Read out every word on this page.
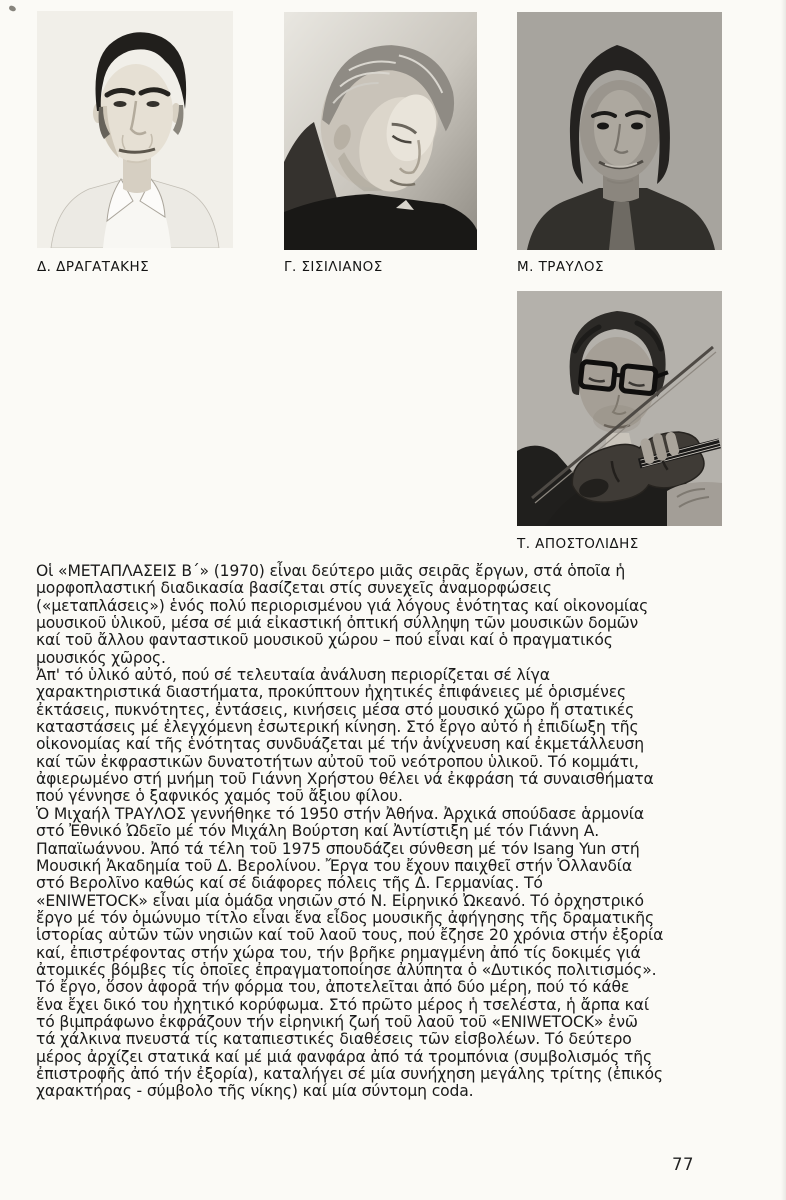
Δ. ΔΡΑΓΑΤΑΚΗΣ	Γ. ΣΙΣΙΛΙΑΝΟΣ	Μ. ΤΡΑΥΛΟΣ
Τ. ΑΠΟΣΤΟΛΙΔΗΣ
Οἱ «ΜΕΤΑΠΛΑΣΕΙΣ Β΄» (1970) εἶναι δεύτερο μιᾶς σειρᾶς ἔργων, στά ὁποῖα ἡ
μορφοπλαστική διαδικασία βασίζεται στίς συνεχεῖς ἀναμορφώσεις
(«μεταπλάσεις») ἑνός πολύ περιορισμένου γιά λόγους ἑνότητας καί οἰκονομίας
μουσικοῦ ὑλικοῦ, μέσα σέ μιά εἰκαστική ὀπτική σύλληψη τῶν μουσικῶν δομῶν
καί τοῦ ἄλλου φανταστικοῦ μουσικοῦ χώρου – πού εἶναι καί ὁ πραγματικός
μουσικός χῶρος.
Ἀπ' τό ὑλικό αὐτό, πού σέ τελευταία ἀνάλυση περιορίζεται σέ λίγα
χαρακτηριστικά διαστήματα, προκύπτουν ἠχητικές ἐπιφάνειες μέ ὁρισμένες
ἐκτάσεις, πυκνότητες, ἐντάσεις, κινήσεις μέσα στό μουσικό χῶρο ἤ στατικές
καταστάσεις μέ ἐλεγχόμενη ἐσωτερική κίνηση. Στό ἔργο αὐτό ἡ ἐπιδίωξη τῆς
οἰκονομίας καί τῆς ἑνότητας συνδυάζεται μέ τήν ἀνίχνευση καί ἐκμετάλλευση
καί τῶν ἐκφραστικῶν δυνατοτήτων αὐτοῦ τοῦ νεότροπου ὑλικοῦ. Τό κομμάτι,
ἀφιερωμένο στή μνήμη τοῦ Γιάννη Χρήστου θέλει νά ἐκφράση τά συναισθήματα
πού γέννησε ὁ ξαφνικός χαμός τοῦ ἄξιου φίλου.
Ὁ Μιχαήλ ΤΡΑΥΛΟΣ γεννήθηκε τό 1950 στήν Ἀθήνα. Ἀρχικά σπούδασε ἁρμονία
στό Ἐθνικό Ὠδεῖο μέ τόν Μιχάλη Βούρτση καί Ἀντίστιξη μέ τόν Γιάννη Α.
Παπαϊωάννου. Ἀπό τά τέλη τοῦ 1975 σπουδάζει σύνθεση μέ τόν Isang Yun στή
Μουσική Ἀκαδημία τοῦ Δ. Βερολίνου. Ἔργα του ἔχουν παιχθεῖ στήν Ὁλλανδία
στό Βερολῖνο καθώς καί σέ διάφορες πόλεις τῆς Δ. Γερμανίας. Τό
«ENIWETOCK» εἶναι μία ὁμάδα νησιῶν στό Ν. Εἰρηνικό Ὠκεανό. Τό ὀρχηστρικό
ἔργο μέ τόν ὁμώνυμο τίτλο εἶναι ἕνα εἶδος μουσικῆς ἀφήγησης τῆς δραματικῆς
ἱστορίας αὐτῶν τῶν νησιῶν καί τοῦ λαοῦ τους, πού ἔζησε 20 χρόνια στήν ἐξορία
καί, ἐπιστρέφοντας στήν χώρα του, τήν βρῆκε ρημαγμένη ἀπό τίς δοκιμές γιά
ἀτομικές βόμβες τίς ὁποῖες ἐπραγματοποίησε ἀλύπητα ὁ «Δυτικός πολιτισμός».
Τό ἔργο, ὅσον ἀφορᾶ τήν φόρμα του, ἀποτελεῖται ἀπό δύο μέρη, πού τό κάθε
ἕνα ἔχει δικό του ἠχητικό κορύφωμα. Στό πρῶτο μέρος ἡ τσελέστα, ἡ ἄρπα καί
τό βιμπράφωνο ἐκφράζουν τήν εἰρηνική ζωή τοῦ λαοῦ τοῦ «ENIWETOCK» ἐνῶ
τά χάλκινα πνευστά τίς καταπιεστικές διαθέσεις τῶν εἰσβολέων. Τό δεύτερο
μέρος ἀρχίζει στατικά καί μέ μιά φανφάρα ἀπό τά τρομπόνια (συμβολισμός τῆς
ἐπιστροφῆς ἀπό τήν ἐξορία), καταλήγει σέ μία συνήχηση μεγάλης τρίτης (ἐπικός
χαρακτήρας - σύμβολο τῆς νίκης) καί μία σύντομη coda.
77
